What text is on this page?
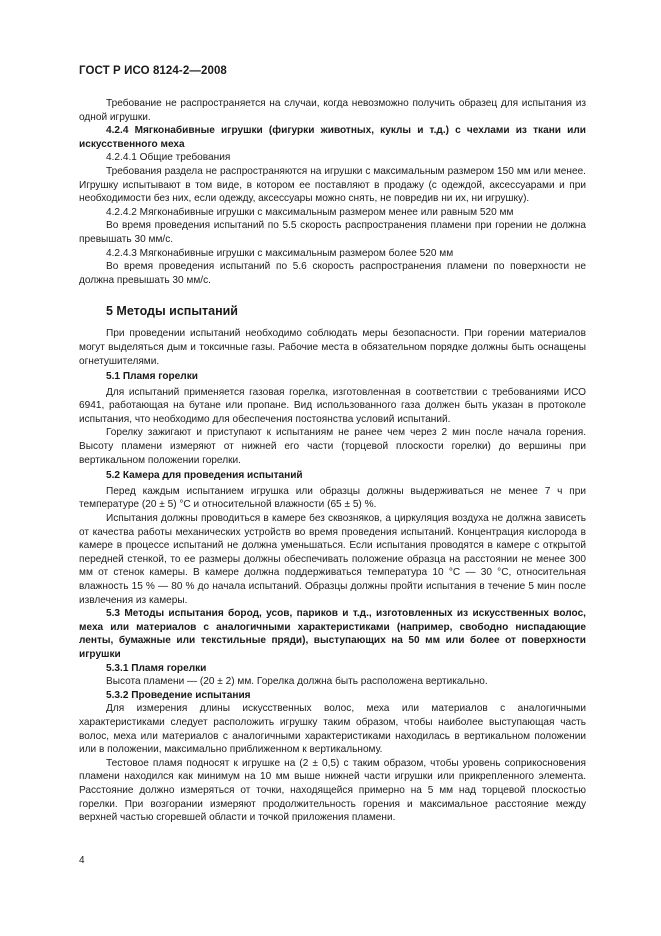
ГОСТ Р ИСО 8124-2—2008

Требование не распространяется на случаи, когда невозможно получить образец для испытания из одной игрушки.

4.2.4 Мягконабивные игрушки (фигурки животных, куклы и т.д.) с чехлами из ткани или искусственного меха

4.2.4.1 Общие требования

Требования раздела не распространяются на игрушки с максимальным размером 150 мм или менее. Игрушку испытывают в том виде, в котором ее поставляют в продажу (с одеждой, аксессуарами и при необходимости без них, если одежду, аксессуары можно снять, не повредив ни их, ни игрушку).

4.2.4.2 Мягконабивные игрушки с максимальным размером менее или равным 520 мм

Во время проведения испытаний по 5.5 скорость распространения пламени при горении не должна превышать 30 мм/с.

4.2.4.3 Мягконабивные игрушки с максимальным размером более 520 мм

Во время проведения испытаний по 5.6 скорость распространения пламени по поверхности не должна превышать 30 мм/с.

5 Методы испытаний

При проведении испытаний необходимо соблюдать меры безопасности. При горении материалов могут выделяться дым и токсичные газы. Рабочие места в обязательном порядке должны быть оснащены огнетушителями.

5.1 Пламя горелки

Для испытаний применяется газовая горелка, изготовленная в соответствии с требованиями ИСО 6941, работающая на бутане или пропане. Вид использованного газа должен быть указан в протоколе испытания, что необходимо для обеспечения постоянства условий испытаний.

Горелку зажигают и приступают к испытаниям не ранее чем через 2 мин после начала горения. Высоту пламени измеряют от нижней его части (торцевой плоскости горелки) до вершины при вертикальном положении горелки.

5.2 Камера для проведения испытаний

Перед каждым испытанием игрушка или образцы должны выдерживаться не менее 7 ч при температуре (20 ± 5) °С и относительной влажности (65 ± 5) %.

Испытания должны проводиться в камере без сквозняков, а циркуляция воздуха не должна зависеть от качества работы механических устройств во время проведения испытаний. Концентрация кислорода в камере в процессе испытаний не должна уменьшаться. Если испытания проводятся в камере с открытой передней стенкой, то ее размеры должны обеспечивать положение образца на расстоянии не менее 300 мм от стенок камеры. В камере должна поддерживаться температура 10 °С — 30 °С, относительная влажность 15 % — 80 % до начала испытаний. Образцы должны пройти испытания в течение 5 мин после извлечения из камеры.

5.3 Методы испытания бород, усов, париков и т.д., изготовленных из искусственных волос, меха или материалов с аналогичными характеристиками (например, свободно ниспадающие ленты, бумажные или текстильные пряди), выступающих на 50 мм или более от поверхности игрушки

5.3.1 Пламя горелки

Высота пламени — (20 ± 2) мм. Горелка должна быть расположена вертикально.

5.3.2 Проведение испытания

Для измерения длины искусственных волос, меха или материалов с аналогичными характеристиками следует расположить игрушку таким образом, чтобы наиболее выступающая часть волос, меха или материалов с аналогичными характеристиками находилась в вертикальном положении или в положении, максимально приближенном к вертикальному.

Тестовое пламя подносят к игрушке на (2 ± 0,5) с таким образом, чтобы уровень соприкосновения пламени находился как минимум на 10 мм выше нижней части игрушки или прикрепленного элемента. Расстояние должно измеряться от точки, находящейся примерно на 5 мм над торцевой плоскостью горелки. При возгорании измеряют продолжительность горения и максимальное расстояние между верхней частью сгоревшей области и точкой приложения пламени.

4
